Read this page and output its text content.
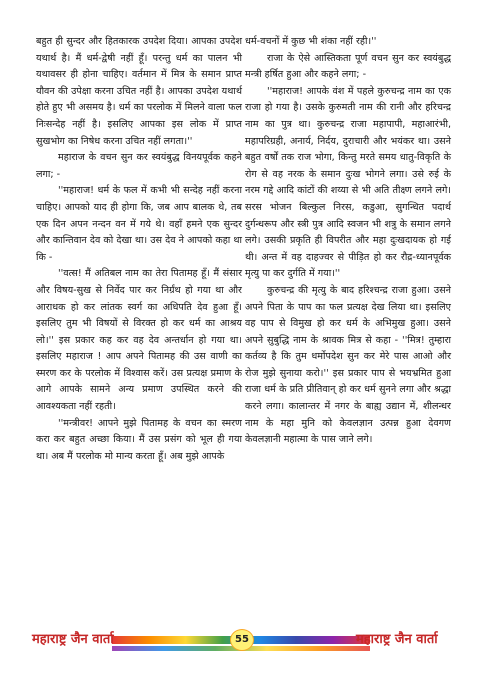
बहुत ही सुन्दर और हितकारक उपदेश दिया। आपका उपदेश यथार्थ है। मैं धर्म-द्वेषी नहीं हूँ। परन्तु धर्म का पालन भी यथावसर ही होना चाहिए। वर्तमान में मित्र के समान प्राप्त यौवन की उपेक्षा करना उचित नहीं है। आपका उपदेश यथार्थ होते हुए भी असमय है। धर्म का परलोक में मिलने वाला फल निःसन्देह नहीं है। इसलिए आपका इस लोक में प्राप्त सुखभोग का निषेध करना उचित नहीं लगता।''

महाराज के वचन सुन कर स्वयंबुद्ध विनयपूर्वक कहने लगा; -

''महाराज! धर्म के फल में कभी भी सन्देह नहीं करना चाहिए। आपको याद ही होगा कि, जब आप बालक थे, तब एक दिन अपन नन्दन वन में गये थे। वहाँ हमने एक सुन्दर और कान्तिवान देव को देखा था। उस देव ने आपको कहा था कि -

''वत्स! मैं अतिबल नाम का तेरा पितामह हूँ। मैं संसार और विषय-सुख से निर्वेद पार कर निर्ग्रंथ हो गया था और आराधक हो कर लांतक स्वर्ग का अधिपति देव हुआ हूँ। इसलिए तुम भी विषयों से विरक्त हो कर धर्म का आश्रय लो।'' इस प्रकार कह कर वह देव अन्तर्धान हो गया था। इसलिए महाराज ! आप अपने पितामह की उस वाणी का स्मरण कर के परलोक में विश्वास करें। उस प्रत्यक्ष प्रमाण के आगे आपके सामने अन्य प्रमाण उपस्थित करने की आवश्यकता नहीं रहती।

''मन्त्रीवर! आपने मुझे पितामह के वचन का स्मरण करा कर बहुत अच्छा किया। मैं उस प्रसंग को भूल ही गया था। अब मैं परलोक मो मान्य करता हूँ। अब मुझे आपके

धर्म-वचनों में कुछ भी शंका नहीं रही।''

राजा के ऐसे आस्तिकता पूर्ण वचन सुन कर स्वयंबुद्ध मन्त्री हर्षित हुआ और कहने लगा; -

''महाराज! आपके वंश में पहले कुरुचन्द्र नाम का एक राजा हो गया है। उसके कुरुमती नाम की रानी और हरिचन्द्र नाम का पुत्र था। कुरुचन्द्र राजा महापापी, महाआरंभी, महापरिग्रही, अनार्य, निर्दय, दुराचारी और भयंकर था। उसने बहुत वर्षों तक राज भोगा, किन्तु मरते समय धातु-विकृति के रोग से वह नरक के समान दुःख भोगने लगा। उसे रुई के नरम गद्दे आदि कांटों की शय्या से भी अति तीक्ष्ण लगने लगे। सरस भोजन बिल्कुल निरस, कडुआ, सुगन्धित पदार्थ दुर्गन्धरूप और स्त्री पुत्र आदि स्वजन भी शत्रु के समान लगने लगे। उसकी प्रकृति ही विपरीत और महा दुःखदायक हो गई थी। अन्त में वह दाहज्वर से पीड़ित हो कर रौद्र-ध्यानपूर्वक मृत्यु पा कर दुर्गति में गया।''

कुरुचन्द्र की मृत्यु के बाद हरिश्चन्द्र राजा हुआ। उसने अपने पिता के पाप का फल प्रत्यक्ष देख लिया था। इसलिए वह पाप से विमुख हो कर धर्म के अभिमुख हुआ। उसने अपने सुबुद्धि नाम के श्रावक मित्र से कहा - ''मित्र! तुम्हारा कर्तव्य है कि तुम धर्मोपदेश सुन कर मेरे पास आओ और रोज मुझे सुनाया करो।'' इस प्रकार पाप से भयभ्रमित हुआ राजा धर्म के प्रति प्रीतिवान् हो कर धर्म सुनने लगा और श्रद्धा करने लगा। कालान्तर में नगर के बाह्य उद्यान में, शीलन्धर नाम के महा मुनि को केवलज्ञान उत्पन्न हुआ देवगण केवलज्ञानी महात्मा के पास जाने लगे।

महाराष्ट्र जैन वार्ता	55	महाराष्ट्र जैन वार्ता
